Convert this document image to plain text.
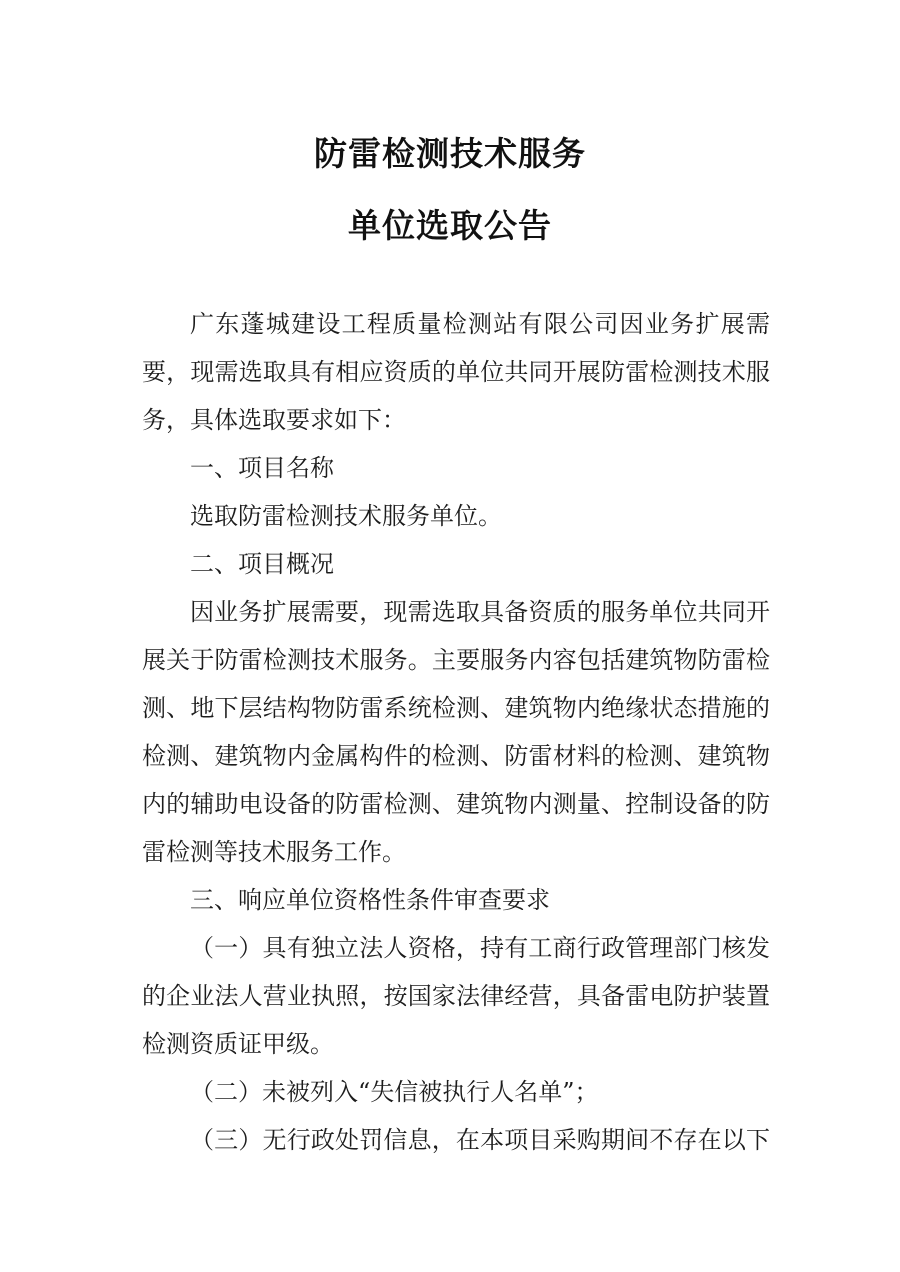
防雷检测技术服务
单位选取公告

广东蓬城建设工程质量检测站有限公司因业务扩展需

要，现需选取具有相应资质的单位共同开展防雷检测技术服

务，具体选取要求如下：

一、项目名称

选取防雷检测技术服务单位。

二、项目概况

因业务扩展需要，现需选取具备资质的服务单位共同开

展关于防雷检测技术服务。主要服务内容包括建筑物防雷检

测、地下层结构物防雷系统检测、建筑物内绝缘状态措施的

检测、建筑物内金属构件的检测、防雷材料的检测、建筑物

内的辅助电设备的防雷检测、建筑物内测量、控制设备的防

雷检测等技术服务工作。

三、响应单位资格性条件审查要求

（一）具有独立法人资格，持有工商行政管理部门核发

的企业法人营业执照，按国家法律经营，具备雷电防护装置

检测资质证甲级。

（二）未被列入“失信被执行人名单”；

（三）无行政处罚信息，在本项目采购期间不存在以下
